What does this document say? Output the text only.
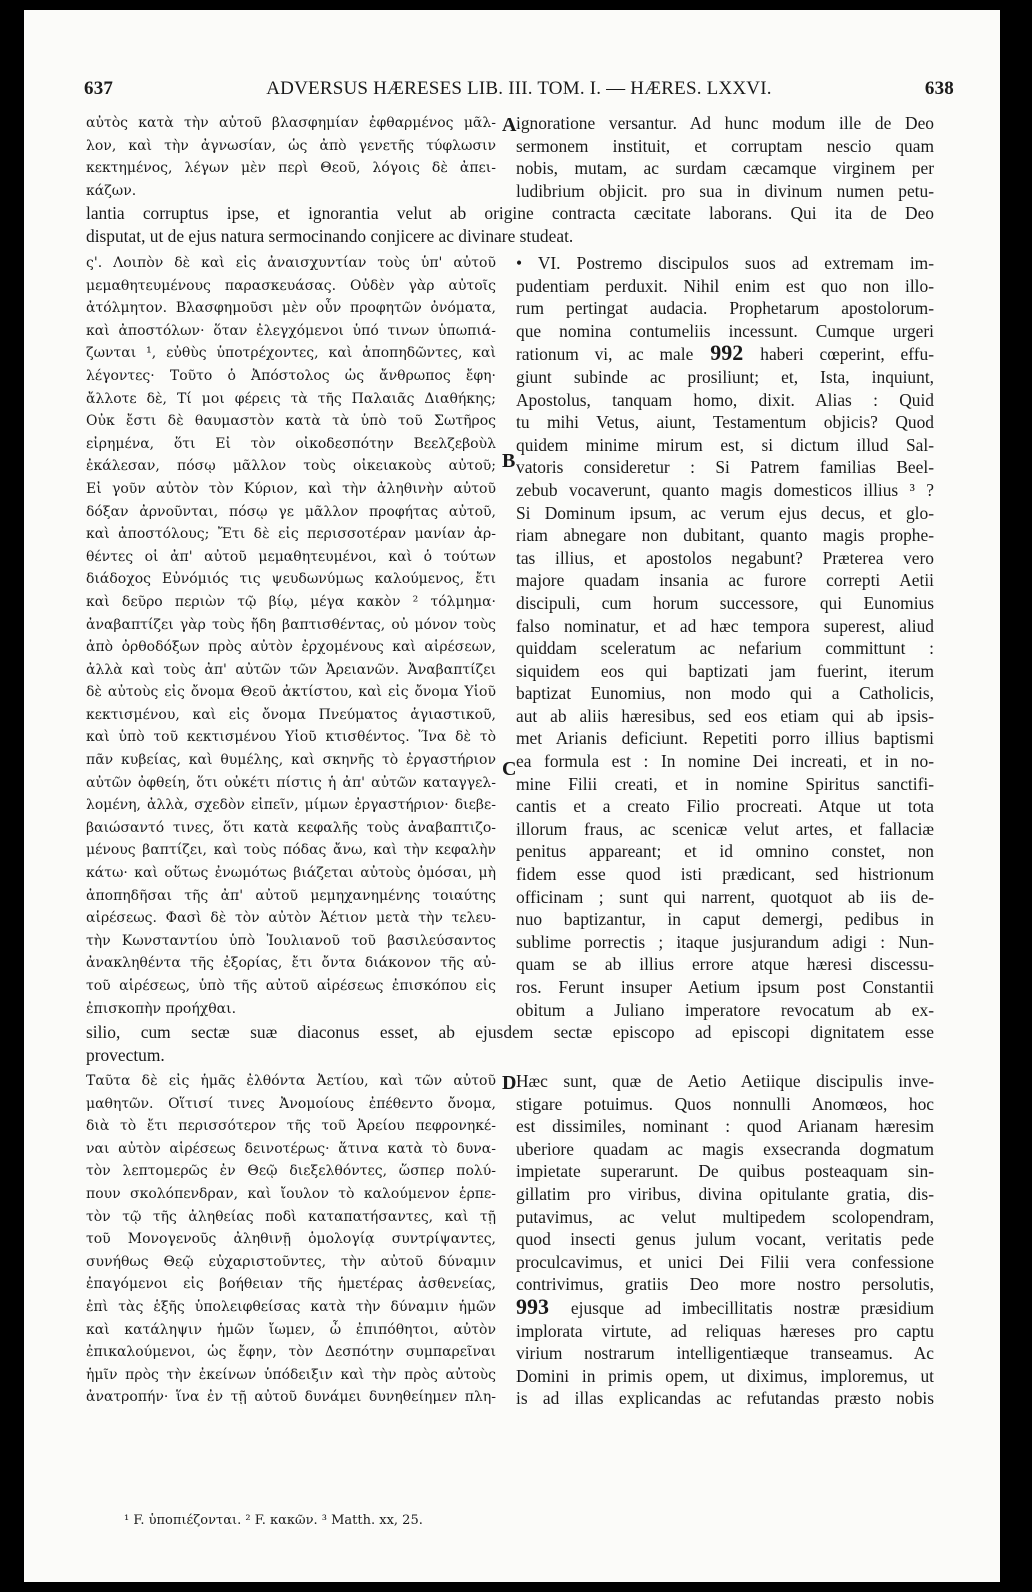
637	ADVERSUS HÆRESES LIB. III. TOM. I. — HÆRES. LXXVI.	638
αὐτὸς κατὰ τὴν αὐτοῦ βλασφημίαν ἐφθαρμένος μᾶλ-
λον, καὶ τὴν ἀγνωσίαν, ὡς ἀπὸ γενετῆς τύφλωσιν
κεκτημένος, λέγων μὲν περὶ Θεοῦ, λόγοις δὲ ἀπει-
κάζων.
ignoratione versantur. Ad hunc modum ille de Deo
sermonem instituit, et corruptam nescio quam
nobis, mutam, ac surdam cæcamque virginem per
ludibrium objicit. pro sua in divinum numen petu-
A
lantia corruptus ipse, et ignorantia velut ab origine contracta cæcitate laborans. Qui ita de Deo
disputat, ut de ejus natura sermocinando conjicere ac divinare studeat.
ς'. Λοιπὸν δὲ καὶ εἰς ἀναισχυντίαν τοὺς ὑπ' αὐτοῦ
μεμαθητευμένους παρασκευάσας. Οὐδὲν γὰρ αὐτοῖς
ἀτόλμητον. Βλασφημοῦσι μὲν οὖν προφητῶν ὀνόματα,
καὶ ἀποστόλων· ὅταν ἐλεγχόμενοι ὑπό τινων ὑπωπιά-
ζωνται ¹, εὐθὺς ὑποτρέχοντες, καὶ ἀποπηδῶντες, καὶ
λέγοντες· Τοῦτο ὁ Ἀπόστολος ὡς ἄνθρωπος ἔφη·
ἄλλοτε δὲ, Τί μοι φέρεις τὰ τῆς Παλαιᾶς Διαθήκης;
Οὐκ ἔστι δὲ θαυμαστὸν κατὰ τὰ ὑπὸ τοῦ Σωτῆρος
εἰρημένα, ὅτι Εἰ τὸν οἰκοδεσπότην Βεελζεβοὺλ
ἐκάλεσαν, πόσῳ μᾶλλον τοὺς οἰκειακοὺς αὐτοῦ;
Εἰ γοῦν αὐτὸν τὸν Κύριον, καὶ τὴν ἀληθινὴν αὐτοῦ
δόξαν ἀρνοῦνται, πόσῳ γε μᾶλλον προφήτας αὐτοῦ,
καὶ ἀποστόλους; Ἔτι δὲ εἰς περισσοτέραν μανίαν ἀρ-
θέντες οἱ ἀπ' αὐτοῦ μεμαθητευμένοι, καὶ ὁ τούτων
διάδοχος Εὐνόμιός τις ψευδωνύμως καλούμενος, ἔτι
καὶ δεῦρο περιὼν τῷ βίῳ, μέγα κακὸν ² τόλμημα·
ἀναβαπτίζει γὰρ τοὺς ἤδη βαπτισθέντας, οὐ μόνον τοὺς
ἀπὸ ὀρθοδόξων πρὸς αὐτὸν ἐρχομένους καὶ αἱρέσεων,
ἀλλὰ καὶ τοὺς ἀπ' αὐτῶν τῶν Ἀρειανῶν. Ἀναβαπτίζει
δὲ αὐτοὺς εἰς ὄνομα Θεοῦ ἀκτίστου, καὶ εἰς ὄνομα Υἱοῦ
κεκτισμένου, καὶ εἰς ὄνομα Πνεύματος ἁγιαστικοῦ,
καὶ ὑπὸ τοῦ κεκτισμένου Υἱοῦ κτισθέντος. Ἵνα δὲ τὸ
πᾶν κυβείας, καὶ θυμέλης, καὶ σκηνῆς τὸ ἐργαστήριον
αὐτῶν ὀφθείη, ὅτι οὐκέτι πίστις ἡ ἀπ' αὐτῶν καταγγελ-
λομένη, ἀλλὰ, σχεδὸν εἰπεῖν, μίμων ἐργαστήριον· διεβε-
βαιώσαντό τινες, ὅτι κατὰ κεφαλῆς τοὺς ἀναβαπτιζο-
μένους βαπτίζει, καὶ τοὺς πόδας ἄνω, καὶ τὴν κεφαλὴν
κάτω· καὶ οὕτως ἐνωμότως βιάζεται αὐτοὺς ὀμόσαι, μὴ
ἀποπηδῆσαι τῆς ἀπ' αὐτοῦ μεμηχανημένης τοιαύτης
αἱρέσεως. Φασὶ δὲ τὸν αὐτὸν Ἀέτιον μετὰ τὴν τελευ-
τὴν Κωνσταντίου ὑπὸ Ἰουλιανοῦ τοῦ βασιλεύσαντος
ἀνακληθέντα τῆς ἐξορίας, ἔτι ὄντα διάκονον τῆς αὐ-
τοῦ αἱρέσεως, ὑπὸ τῆς αὐτοῦ αἱρέσεως ἐπισκόπου εἰς
ἐπισκοπὴν προήχθαι.
• VI. Postremo discipulos suos ad extremam im-
pudentiam perduxit. Nihil enim est quo non illo-
rum pertingat audacia. Prophetarum apostolorum-
que nomina contumeliis incessunt. Cumque urgeri
rationum vi, ac male 992 haberi cœperint, effu-
giunt subinde ac prosiliunt; et, Ista, inquiunt,
Apostolus, tanquam homo, dixit. Alias : Quid
tu mihi Vetus, aiunt, Testamentum objicis? Quod
quidem minime mirum est, si dictum illud Sal-
vatoris consideretur : Si Patrem familias Beel-
zebub vocaverunt, quanto magis domesticos illius ³ ?
Si Dominum ipsum, ac verum ejus decus, et glo-
riam abnegare non dubitant, quanto magis prophe-
tas illius, et apostolos negabunt? Præterea vero
majore quadam insania ac furore correpti Aetii
discipuli, cum horum successore, qui Eunomius
falso nominatur, et ad hæc tempora superest, aliud
quiddam sceleratum ac nefarium committunt :
siquidem eos qui baptizati jam fuerint, iterum
baptizat Eunomius, non modo qui a Catholicis,
aut ab aliis hæresibus, sed eos etiam qui ab ipsis-
met Arianis deficiunt. Repetiti porro illius baptismi
ea formula est : In nomine Dei increati, et in no-
mine Filii creati, et in nomine Spiritus sanctifi-
cantis et a creato Filio procreati. Atque ut tota
illorum fraus, ac scenicæ velut artes, et fallaciæ
penitus appareant; et id omnino constet, non
fidem esse quod isti prædicant, sed histrionum
officinam ; sunt qui narrent, quotquot ab iis de-
nuo baptizantur, in caput demergi, pedibus in
sublime porrectis ; itaque jusjurandum adigi : Nun-
quam se ab illius errore atque hæresi discessu-
ros. Ferunt insuper Aetium ipsum post Constantii
obitum a Juliano imperatore revocatum ab ex-
B
C
silio, cum sectæ suæ diaconus esset, ab ejusdem sectæ episcopo ad episcopi dignitatem esse
provectum.
Ταῦτα δὲ εἰς ἡμᾶς ἐλθόντα Ἀετίου, καὶ τῶν αὐτοῦ
μαθητῶν. Οἵτισί τινες Ἀνομοίους ἐπέθεντο ὄνομα,
διὰ τὸ ἔτι περισσότερον τῆς τοῦ Ἀρείου πεφρονηκέ-
ναι αὐτὸν αἱρέσεως δεινοτέρως· ἅτινα κατὰ τὸ δυνα-
τὸν λεπτομερῶς ἐν Θεῷ διεξελθόντες, ὥσπερ πολύ-
πουν σκολόπενδραν, καὶ ἴουλον τὸ καλούμενον ἑρπε-
τὸν τῷ τῆς ἀληθείας ποδὶ καταπατήσαντες, καὶ τῇ
τοῦ Μονογενοῦς ἀληθινῇ ὁμολογίᾳ συντρίψαντες,
συνήθως Θεῷ εὐχαριστοῦντες, τὴν αὐτοῦ δύναμιν
ἐπαγόμενοι εἰς βοήθειαν τῆς ἡμετέρας ἀσθενείας,
ἐπὶ τὰς ἑξῆς ὑπολειφθείσας κατὰ τὴν δύναμιν ἡμῶν
καὶ κατάληψιν ἡμῶν ἴωμεν, ὦ ἐπιπόθητοι, αὐτὸν
ἐπικαλούμενοι, ὡς ἔφην, τὸν Δεσπότην συμπαρεῖναι
ἡμῖν πρὸς τὴν ἐκείνων ὑπόδειξιν καὶ τὴν πρὸς αὐτοὺς
ἀνατροπήν· ἵνα ἐν τῇ αὐτοῦ δυνάμει δυνηθείημεν πλη-
Hæc sunt, quæ de Aetio Aetiique discipulis inve-
stigare potuimus. Quos nonnulli Anomœos, hoc
est dissimiles, nominant : quod Arianam hæresim
uberiore quadam ac magis exsecranda dogmatum
impietate superarunt. De quibus posteaquam sin-
gillatim pro viribus, divina opitulante gratia, dis-
putavimus, ac velut multipedem scolopendram,
quod insecti genus julum vocant, veritatis pede
proculcavimus, et unici Dei Filii vera confessione
contrivimus, gratiis Deo more nostro persolutis,
993 ejusque ad imbecillitatis nostræ præsidium
implorata virtute, ad reliquas hæreses pro captu
virium nostrarum intelligentiæque transeamus. Ac
Domini in primis opem, ut diximus, imploremus, ut
is ad illas explicandas ac refutandas præsto nobis
D
¹ F. ὑποπιέζονται. ² F. κακῶν. ³ Matth. xx, 25.
